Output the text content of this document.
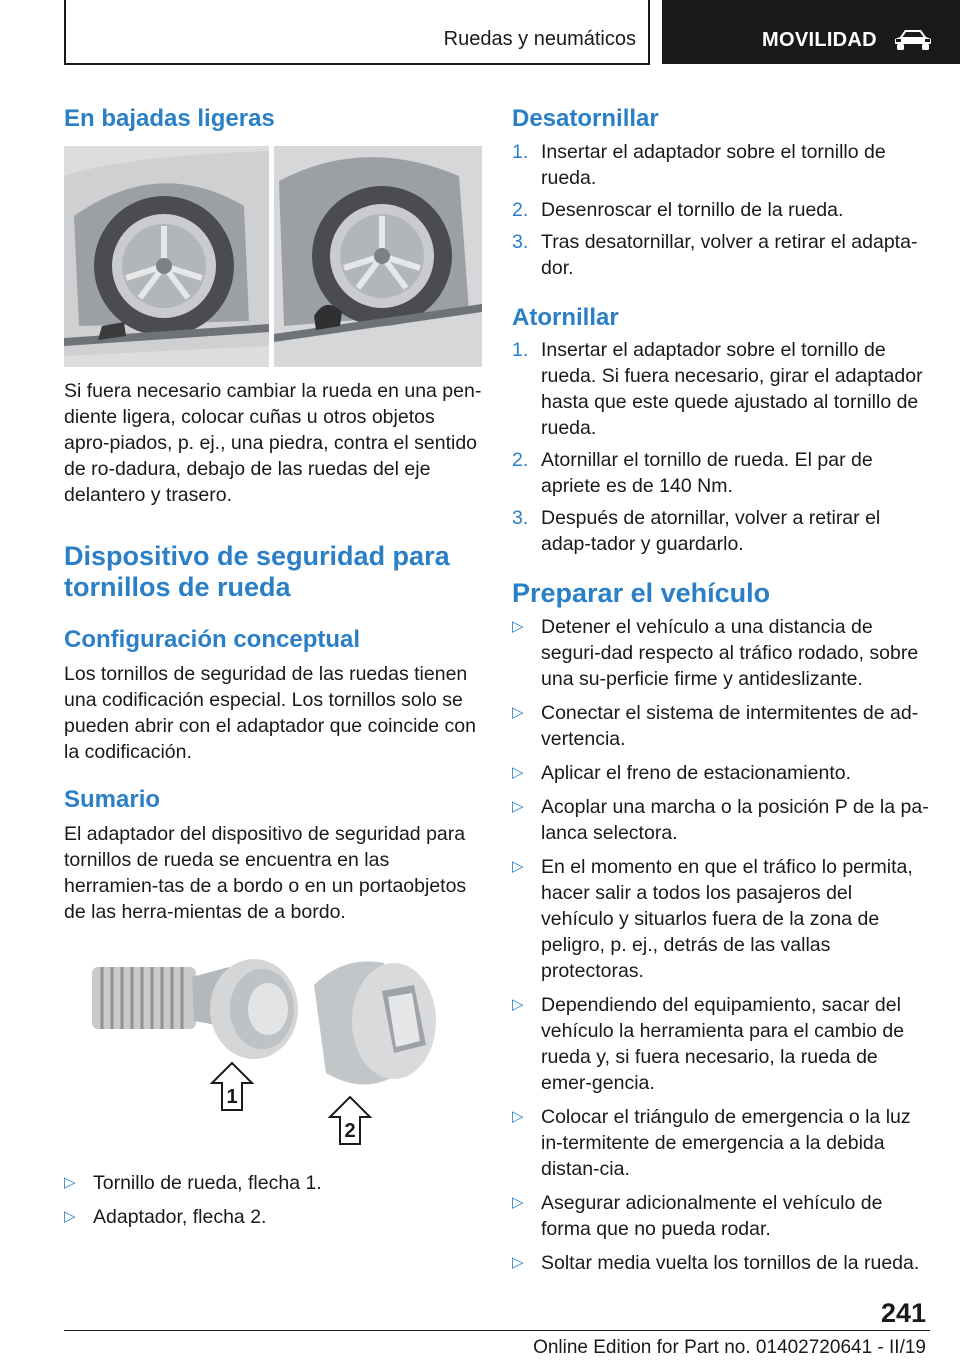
Ruedas y neumáticos	MOVILIDAD
En bajadas ligeras

Si fuera necesario cambiar la rueda en una pen-diente ligera, colocar cuñas u otros objetos apro-piados, p. ej., una piedra, contra el sentido de ro-dadura, debajo de las ruedas del eje delantero y trasero.

Dispositivo de seguridad para
tornillos de rueda
Configuración conceptual

Los tornillos de seguridad de las ruedas tienen una codificación especial. Los tornillos solo se pueden abrir con el adaptador que coincide con la codificación.

Sumario

El adaptador del dispositivo de seguridad para tornillos de rueda se encuentra en las herramien-tas de a bordo o en un portaobjetos de las herra-mientas de a bordo.

1
2
▷ Tornillo de rueda, flecha 1.
▷ Adaptador, flecha 2.
Desatornillar
1. Insertar el adaptador sobre el tornillo de rueda.
2. Desenroscar el tornillo de la rueda.
3. Tras desatornillar, volver a retirar el adapta-dor.
Atornillar
1. Insertar el adaptador sobre el tornillo de rueda. Si fuera necesario, girar el adaptador hasta que este quede ajustado al tornillo de rueda.
2. Atornillar el tornillo de rueda. El par de apriete es de 140 Nm.
3. Después de atornillar, volver a retirar el adap-tador y guardarlo.
Preparar el vehículo
▷ Detener el vehículo a una distancia de seguri-dad respecto al tráfico rodado, sobre una su-perficie firme y antideslizante.
▷ Conectar el sistema de intermitentes de ad-vertencia.
▷ Aplicar el freno de estacionamiento.
▷ Acoplar una marcha o la posición P de la pa-lanca selectora.
▷ En el momento en que el tráfico lo permita, hacer salir a todos los pasajeros del vehículo y situarlos fuera de la zona de peligro, p. ej., detrás de las vallas protectoras.
▷ Dependiendo del equipamiento, sacar del vehículo la herramienta para el cambio de rueda y, si fuera necesario, la rueda de emer-gencia.
▷ Colocar el triángulo de emergencia o la luz in-termitente de emergencia a la debida distan-cia.
▷ Asegurar adicionalmente el vehículo de forma que no pueda rodar.
▷ Soltar media vuelta los tornillos de la rueda.
241
Online Edition for Part no. 01402720641 - II/19
